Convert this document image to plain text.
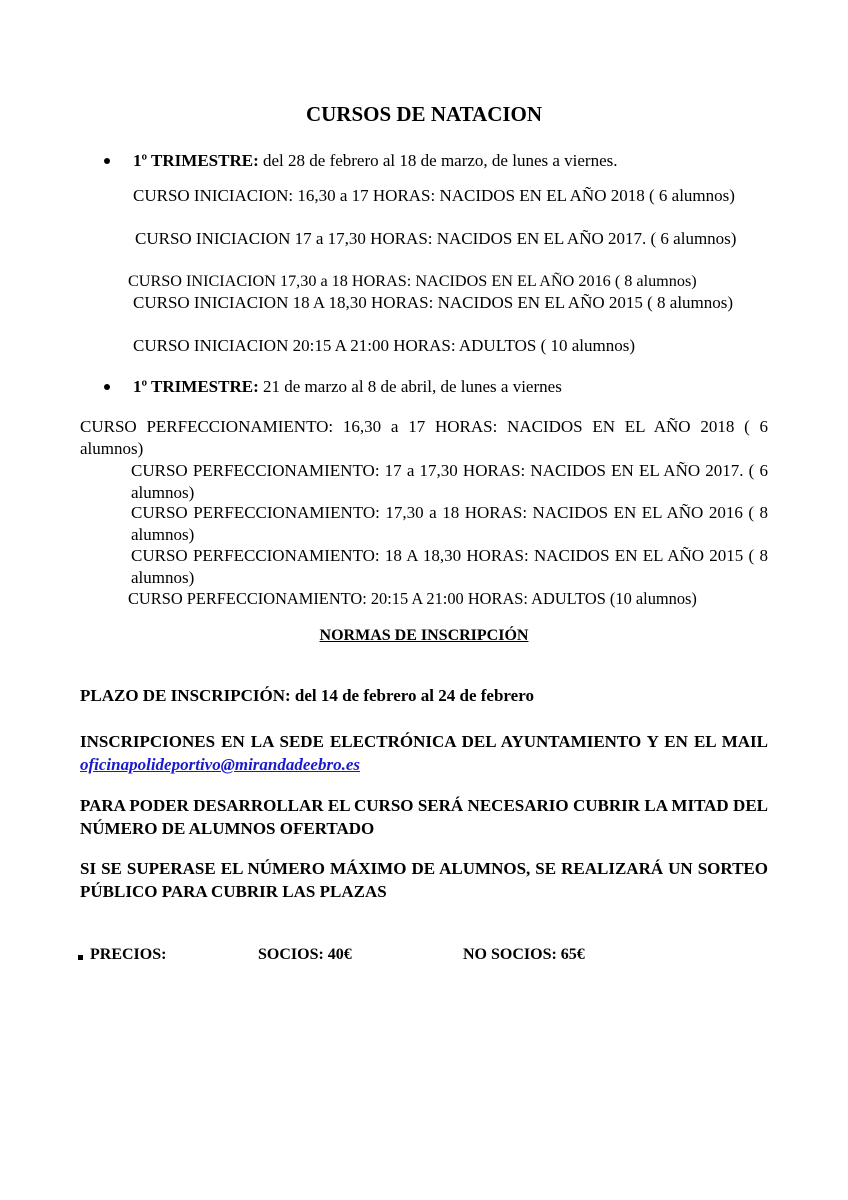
CURSOS DE NATACION
1º TRIMESTRE: del 28 de febrero al 18 de marzo, de lunes a viernes.
CURSO INICIACION: 16,30 a 17 HORAS: NACIDOS EN EL AÑO 2018 ( 6 alumnos)
CURSO INICIACION 17 a 17,30 HORAS: NACIDOS EN EL AÑO 2017. ( 6 alumnos)
CURSO INICIACION 17,30 a 18 HORAS: NACIDOS EN EL AÑO 2016 ( 8 alumnos)
CURSO INICIACION 18 A 18,30 HORAS: NACIDOS EN EL AÑO 2015 ( 8 alumnos)
CURSO INICIACION 20:15 A 21:00 HORAS: ADULTOS ( 10 alumnos)
1º TRIMESTRE: 21 de marzo al 8 de abril, de lunes a viernes
CURSO PERFECCIONAMIENTO: 16,30 a 17 HORAS: NACIDOS EN EL AÑO 2018 ( 6 alumnos)
CURSO PERFECCIONAMIENTO: 17 a 17,30 HORAS: NACIDOS EN EL AÑO 2017. ( 6 alumnos)
CURSO PERFECCIONAMIENTO: 17,30 a 18 HORAS: NACIDOS EN EL AÑO 2016 ( 8 alumnos)
CURSO PERFECCIONAMIENTO: 18 A 18,30 HORAS: NACIDOS EN EL AÑO 2015 ( 8 alumnos)
CURSO PERFECCIONAMIENTO: 20:15 A 21:00 HORAS: ADULTOS (10 alumnos)
NORMAS DE INSCRIPCIÓN
PLAZO DE INSCRIPCIÓN: del 14 de febrero al 24 de febrero
INSCRIPCIONES EN LA SEDE ELECTRÓNICA DEL AYUNTAMIENTO Y EN EL MAIL oficinapolideportivo@mirandadeebro.es
PARA PODER DESARROLLAR EL CURSO SERÁ NECESARIO CUBRIR LA MITAD DEL NÚMERO DE ALUMNOS OFERTADO
SI SE SUPERASE EL NÚMERO MÁXIMO DE ALUMNOS, SE REALIZARÁ UN SORTEO PÚBLICO PARA CUBRIR LAS PLAZAS
PRECIOS:	SOCIOS: 40€	NO SOCIOS: 65€
